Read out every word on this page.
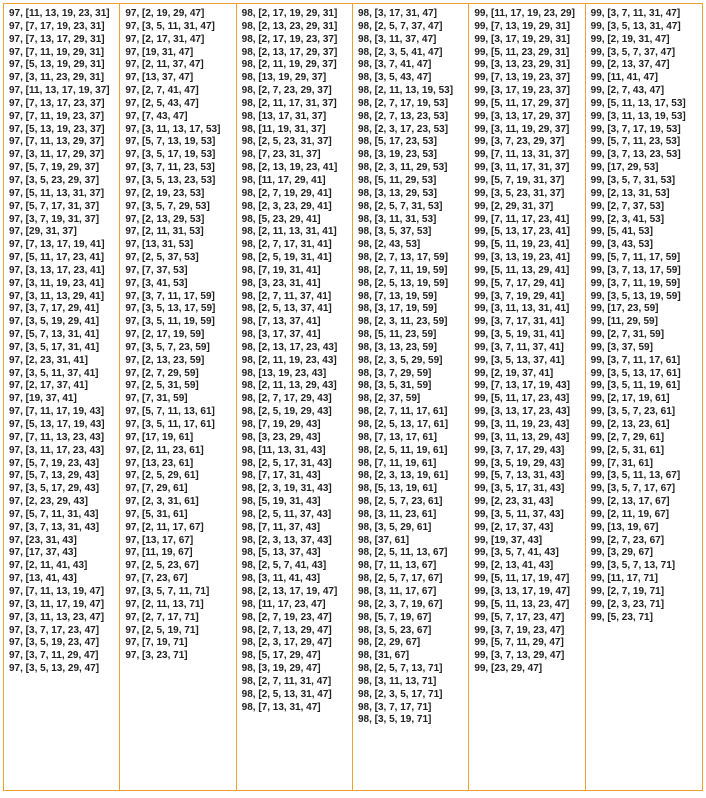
97, [11, 13, 19, 23, 31]
97, [7, 17, 19, 23, 31]
97, [7, 13, 17, 29, 31]
97, [7, 11, 19, 29, 31]
97, [5, 13, 19, 29, 31]
97, [3, 11, 23, 29, 31]
97, [11, 13, 17, 19, 37]
97, [7, 13, 17, 23, 37]
97, [7, 11, 19, 23, 37]
97, [5, 13, 19, 23, 37]
97, [7, 11, 13, 29, 37]
97, [3, 11, 17, 29, 37]
97, [5, 7, 19, 29, 37]
97, [3, 5, 23, 29, 37]
97, [5, 11, 13, 31, 37]
97, [5, 7, 17, 31, 37]
97, [3, 7, 19, 31, 37]
97, [29, 31, 37]
97, [7, 13, 17, 19, 41]
97, [5, 11, 17, 23, 41]
97, [3, 13, 17, 23, 41]
97, [3, 11, 19, 23, 41]
97, [3, 11, 13, 29, 41]
97, [3, 7, 17, 29, 41]
97, [3, 5, 19, 29, 41]
97, [5, 7, 13, 31, 41]
97, [3, 5, 17, 31, 41]
97, [2, 23, 31, 41]
97, [3, 5, 11, 37, 41]
97, [2, 17, 37, 41]
97, [19, 37, 41]
97, [7, 11, 17, 19, 43]
97, [5, 13, 17, 19, 43]
97, [7, 11, 13, 23, 43]
97, [3, 11, 17, 23, 43]
97, [5, 7, 19, 23, 43]
97, [5, 7, 13, 29, 43]
97, [3, 5, 17, 29, 43]
97, [2, 23, 29, 43]
97, [5, 7, 11, 31, 43]
97, [3, 7, 13, 31, 43]
97, [23, 31, 43]
97, [17, 37, 43]
97, [2, 11, 41, 43]
97, [13, 41, 43]
97, [7, 11, 13, 19, 47]
97, [3, 11, 17, 19, 47]
97, [3, 11, 13, 23, 47]
97, [3, 7, 17, 23, 47]
97, [3, 5, 19, 23, 47]
97, [3, 7, 11, 29, 47]
97, [3, 5, 13, 29, 47]
97, [2, 19, 29, 47]
97, [3, 5, 11, 31, 47]
97, [2, 17, 31, 47]
97, [19, 31, 47]
97, [2, 11, 37, 47]
97, [13, 37, 47]
97, [2, 7, 41, 47]
97, [2, 5, 43, 47]
97, [7, 43, 47]
97, [3, 11, 13, 17, 53]
97, [5, 7, 13, 19, 53]
97, [3, 5, 17, 19, 53]
97, [3, 7, 11, 23, 53]
97, [3, 5, 13, 23, 53]
97, [2, 19, 23, 53]
97, [3, 5, 7, 29, 53]
97, [2, 13, 29, 53]
97, [2, 11, 31, 53]
97, [13, 31, 53]
97, [2, 5, 37, 53]
97, [7, 37, 53]
97, [3, 41, 53]
97, [3, 7, 11, 17, 59]
97, [3, 5, 13, 17, 59]
97, [3, 5, 11, 19, 59]
97, [2, 17, 19, 59]
97, [3, 5, 7, 23, 59]
97, [2, 13, 23, 59]
97, [2, 7, 29, 59]
97, [2, 5, 31, 59]
97, [7, 31, 59]
97, [5, 7, 11, 13, 61]
97, [3, 5, 11, 17, 61]
97, [17, 19, 61]
97, [2, 11, 23, 61]
97, [13, 23, 61]
97, [2, 5, 29, 61]
97, [7, 29, 61]
97, [2, 3, 31, 61]
97, [5, 31, 61]
97, [2, 11, 17, 67]
97, [13, 17, 67]
97, [11, 19, 67]
97, [2, 5, 23, 67]
97, [7, 23, 67]
97, [3, 5, 7, 11, 71]
97, [2, 11, 13, 71]
97, [2, 7, 17, 71]
97, [2, 5, 19, 71]
97, [7, 19, 71]
97, [3, 23, 71]
98, [2, 17, 19, 29, 31]
98, [2, 13, 23, 29, 31]
98, [2, 17, 19, 23, 37]
98, [2, 13, 17, 29, 37]
98, [2, 11, 19, 29, 37]
98, [13, 19, 29, 37]
98, [2, 7, 23, 29, 37]
98, [2, 11, 17, 31, 37]
98, [13, 17, 31, 37]
98, [11, 19, 31, 37]
98, [2, 5, 23, 31, 37]
98, [7, 23, 31, 37]
98, [2, 13, 19, 23, 41]
98, [11, 17, 29, 41]
98, [2, 7, 19, 29, 41]
98, [2, 3, 23, 29, 41]
98, [5, 23, 29, 41]
98, [2, 11, 13, 31, 41]
98, [2, 7, 17, 31, 41]
98, [2, 5, 19, 31, 41]
98, [7, 19, 31, 41]
98, [3, 23, 31, 41]
98, [2, 7, 11, 37, 41]
98, [2, 5, 13, 37, 41]
98, [7, 13, 37, 41]
98, [3, 17, 37, 41]
98, [2, 13, 17, 23, 43]
98, [2, 11, 19, 23, 43]
98, [13, 19, 23, 43]
98, [2, 11, 13, 29, 43]
98, [2, 7, 17, 29, 43]
98, [2, 5, 19, 29, 43]
98, [7, 19, 29, 43]
98, [3, 23, 29, 43]
98, [11, 13, 31, 43]
98, [2, 5, 17, 31, 43]
98, [7, 17, 31, 43]
98, [2, 3, 19, 31, 43]
98, [5, 19, 31, 43]
98, [2, 5, 11, 37, 43]
98, [7, 11, 37, 43]
98, [2, 3, 13, 37, 43]
98, [5, 13, 37, 43]
98, [2, 5, 7, 41, 43]
98, [3, 11, 41, 43]
98, [2, 13, 17, 19, 47]
98, [11, 17, 23, 47]
98, [2, 7, 19, 23, 47]
98, [2, 7, 13, 29, 47]
98, [2, 3, 17, 29, 47]
98, [5, 17, 29, 47]
98, [3, 19, 29, 47]
98, [2, 7, 11, 31, 47]
98, [2, 5, 13, 31, 47]
98, [7, 13, 31, 47]
98, [3, 17, 31, 47]
98, [2, 5, 7, 37, 47]
98, [3, 11, 37, 47]
98, [2, 3, 5, 41, 47]
98, [3, 7, 41, 47]
98, [3, 5, 43, 47]
98, [2, 11, 13, 19, 53]
98, [2, 7, 17, 19, 53]
98, [2, 7, 13, 23, 53]
98, [2, 3, 17, 23, 53]
98, [5, 17, 23, 53]
98, [3, 19, 23, 53]
98, [2, 3, 11, 29, 53]
98, [5, 11, 29, 53]
98, [3, 13, 29, 53]
98, [2, 5, 7, 31, 53]
98, [3, 11, 31, 53]
98, [3, 5, 37, 53]
98, [2, 43, 53]
98, [2, 7, 13, 17, 59]
98, [2, 7, 11, 19, 59]
98, [2, 5, 13, 19, 59]
98, [7, 13, 19, 59]
98, [3, 17, 19, 59]
98, [2, 3, 11, 23, 59]
98, [5, 11, 23, 59]
98, [3, 13, 23, 59]
98, [2, 3, 5, 29, 59]
98, [3, 7, 29, 59]
98, [3, 5, 31, 59]
98, [2, 37, 59]
98, [2, 7, 11, 17, 61]
98, [2, 5, 13, 17, 61]
98, [7, 13, 17, 61]
98, [2, 5, 11, 19, 61]
98, [7, 11, 19, 61]
98, [2, 3, 13, 19, 61]
98, [5, 13, 19, 61]
98, [2, 5, 7, 23, 61]
98, [3, 11, 23, 61]
98, [3, 5, 29, 61]
98, [37, 61]
98, [2, 5, 11, 13, 67]
98, [7, 11, 13, 67]
98, [2, 5, 7, 17, 67]
98, [3, 11, 17, 67]
98, [2, 3, 7, 19, 67]
98, [5, 7, 19, 67]
98, [3, 5, 23, 67]
98, [2, 29, 67]
98, [31, 67]
98, [2, 5, 7, 13, 71]
98, [3, 11, 13, 71]
98, [2, 3, 5, 17, 71]
98, [3, 7, 17, 71]
98, [3, 5, 19, 71]
99, [11, 17, 19, 23, 29]
99, [7, 13, 19, 29, 31]
99, [3, 17, 19, 29, 31]
99, [5, 11, 23, 29, 31]
99, [3, 13, 23, 29, 31]
99, [7, 13, 19, 23, 37]
99, [3, 17, 19, 23, 37]
99, [5, 11, 17, 29, 37]
99, [3, 13, 17, 29, 37]
99, [3, 11, 19, 29, 37]
99, [3, 7, 23, 29, 37]
99, [7, 11, 13, 31, 37]
99, [3, 11, 17, 31, 37]
99, [5, 7, 19, 31, 37]
99, [3, 5, 23, 31, 37]
99, [2, 29, 31, 37]
99, [7, 11, 17, 23, 41]
99, [5, 13, 17, 23, 41]
99, [5, 11, 19, 23, 41]
99, [3, 13, 19, 23, 41]
99, [5, 11, 13, 29, 41]
99, [5, 7, 17, 29, 41]
99, [3, 7, 19, 29, 41]
99, [3, 11, 13, 31, 41]
99, [3, 7, 17, 31, 41]
99, [3, 5, 19, 31, 41]
99, [3, 7, 11, 37, 41]
99, [3, 5, 13, 37, 41]
99, [2, 19, 37, 41]
99, [7, 13, 17, 19, 43]
99, [5, 11, 17, 23, 43]
99, [3, 13, 17, 23, 43]
99, [3, 11, 19, 23, 43]
99, [3, 11, 13, 29, 43]
99, [3, 7, 17, 29, 43]
99, [3, 5, 19, 29, 43]
99, [5, 7, 13, 31, 43]
99, [3, 5, 17, 31, 43]
99, [2, 23, 31, 43]
99, [3, 5, 11, 37, 43]
99, [2, 17, 37, 43]
99, [19, 37, 43]
99, [3, 5, 7, 41, 43]
99, [2, 13, 41, 43]
99, [5, 11, 17, 19, 47]
99, [3, 13, 17, 19, 47]
99, [5, 11, 13, 23, 47]
99, [5, 7, 17, 23, 47]
99, [3, 7, 19, 23, 47]
99, [5, 7, 11, 29, 47]
99, [3, 7, 13, 29, 47]
99, [23, 29, 47]
99, [3, 7, 11, 31, 47]
99, [3, 5, 13, 31, 47]
99, [2, 19, 31, 47]
99, [3, 5, 7, 37, 47]
99, [2, 13, 37, 47]
99, [11, 41, 47]
99, [2, 7, 43, 47]
99, [5, 11, 13, 17, 53]
99, [3, 11, 13, 19, 53]
99, [3, 7, 17, 19, 53]
99, [5, 7, 11, 23, 53]
99, [3, 7, 13, 23, 53]
99, [17, 29, 53]
99, [3, 5, 7, 31, 53]
99, [2, 13, 31, 53]
99, [2, 7, 37, 53]
99, [2, 3, 41, 53]
99, [5, 41, 53]
99, [3, 43, 53]
99, [5, 7, 11, 17, 59]
99, [3, 7, 13, 17, 59]
99, [3, 7, 11, 19, 59]
99, [3, 5, 13, 19, 59]
99, [17, 23, 59]
99, [11, 29, 59]
99, [2, 7, 31, 59]
99, [3, 37, 59]
99, [3, 7, 11, 17, 61]
99, [3, 5, 13, 17, 61]
99, [3, 5, 11, 19, 61]
99, [2, 17, 19, 61]
99, [3, 5, 7, 23, 61]
99, [2, 13, 23, 61]
99, [2, 7, 29, 61]
99, [2, 5, 31, 61]
99, [7, 31, 61]
99, [3, 5, 11, 13, 67]
99, [3, 5, 7, 17, 67]
99, [2, 13, 17, 67]
99, [2, 11, 19, 67]
99, [13, 19, 67]
99, [2, 7, 23, 67]
99, [3, 29, 67]
99, [3, 5, 7, 13, 71]
99, [11, 17, 71]
99, [2, 7, 19, 71]
99, [2, 3, 23, 71]
99, [5, 23, 71]
